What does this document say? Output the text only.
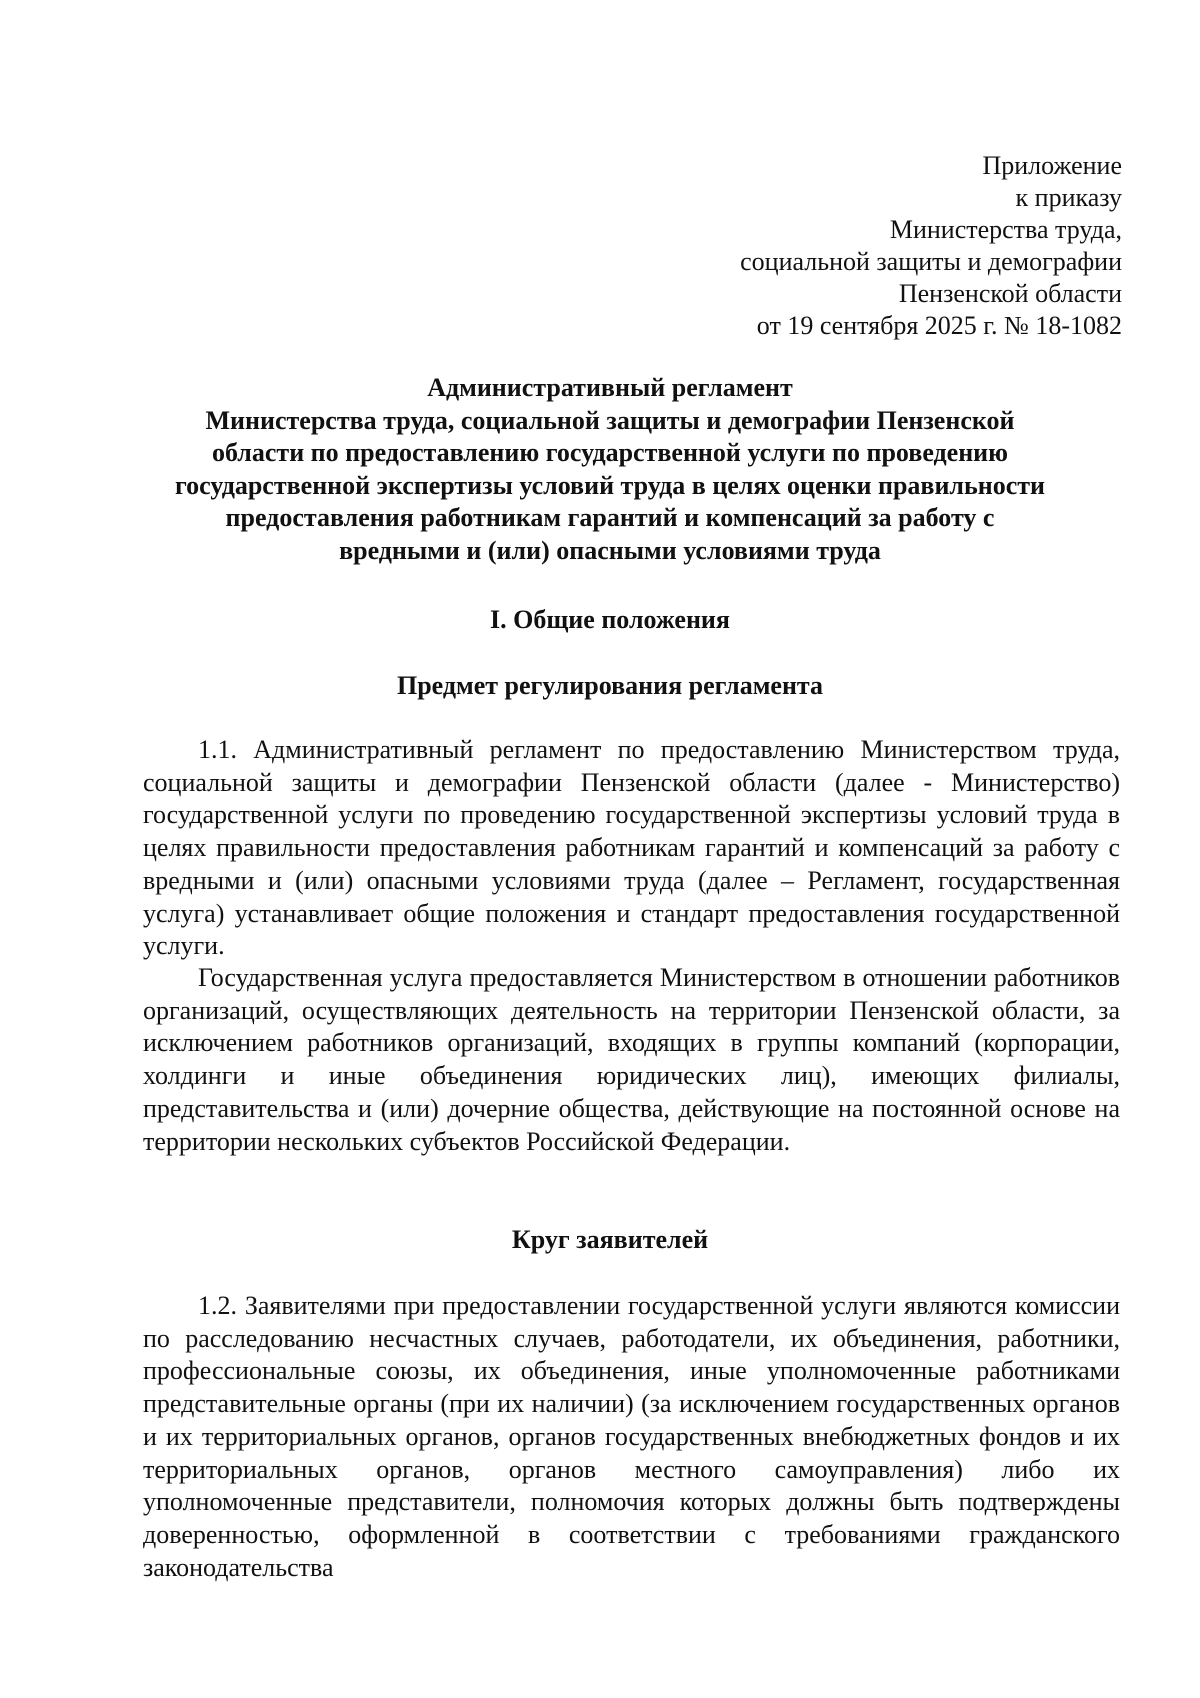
Приложение
к приказу
Министерства труда,
социальной защиты и демографии
Пензенской области
от 19 сентября 2025 г. № 18-1082
Административный регламент
Министерства труда, социальной защиты и демографии Пензенской
области по предоставлению государственной услуги по проведению
государственной экспертизы условий труда в целях оценки правильности
предоставления работникам гарантий и компенсаций за работу с
вредными и (или) опасными условиями труда
I. Общие положения
Предмет регулирования регламента

1.1. Административный регламент по предоставлению Министерством труда, социальной защиты и демографии Пензенской области (далее - Министерство) государственной услуги по проведению государственной экспертизы условий труда в целях правильности предоставления работникам гарантий и компенсаций за работу с вредными и (или) опасными условиями труда (далее – Регламент, государственная услуга) устанавливает общие положения и стандарт предоставления государственной услуги.

Государственная услуга предоставляется Министерством в отношении работников организаций, осуществляющих деятельность на территории Пензенской области, за исключением работников организаций, входящих в группы компаний (корпорации, холдинги и иные объединения юридических лиц), имеющих филиалы, представительства и (или) дочерние общества, действующие на постоянной основе на территории нескольких субъектов Российской Федерации.

Круг заявителей

1.2. Заявителями при предоставлении государственной услуги являются комиссии по расследованию несчастных случаев, работодатели, их объединения, работники, профессиональные союзы, их объединения, иные уполномоченные работниками представительные органы (при их наличии) (за исключением государственных органов и их территориальных органов, органов государственных внебюджетных фондов и их территориальных органов, органов местного самоуправления) либо их уполномоченные представители, полномочия которых должны быть подтверждены доверенностью, оформленной в соответствии с требованиями гражданского законодательства
